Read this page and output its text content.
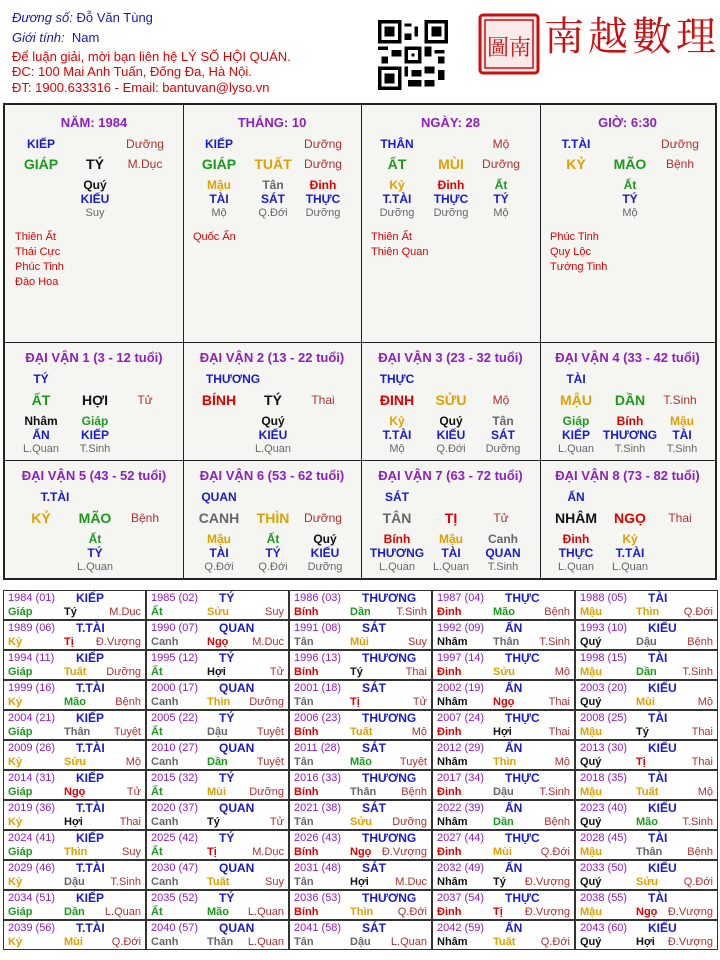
Đương số: Đỗ Văn Tùng
Giới tính: Nam
Để luận giải, mời bạn liên hệ LÝ SỐ HỘI QUÁN.
ĐC: 100 Mai Anh Tuấn, Đống Đa, Hà Nội.
ĐT: 1900.633316 - Email: bantuvan@lyso.vn
圖南 南越數理
NĂM: 1984
KIẾP	Dưỡng
GIÁP TÝ M.Dục
Quý
KIẾU
Suy
Thiên Ất
Thái Cực
Phúc Tinh
Đào Hoa
THÁNG: 10
KIẾP	Dưỡng
GIÁP TUẤT Dưỡng
Mậu	Tân Đinh
TÀI	SÁT THỰC
Mộ	Q.Đới Dưỡng
Quốc Ấn
NGÀY: 28
THÂN	Mộ
ẤT MÙI Dưỡng
Kỷ	Đinh	Ất
T.TÀI THỰC TÝ
Dưỡng Dưỡng Mộ
Thiên Ất
Thiên Quan
GIỜ: 6:30
T.TÀI	Dưỡng
KỶ MÃO Bệnh
Ất
TÝ
Mộ
Phúc Tinh
Quy Lộc
Tướng Tinh
ĐẠI VẬN 1 (3 - 12 tuổi)
TÝ
ẤT HỢI Tử
Nhâm Giáp
ẤN	KIẾP
L.Quan T.Sinh
ĐẠI VẬN 2 (13 - 22 tuổi)
THƯƠNG
BÍNH TÝ Thai
Quý
KIẾU
L.Quan
ĐẠI VẬN 3 (23 - 32 tuổi)
THỰC
ĐINH SỬU Mộ
Kỷ	Quý Tân
T.TÀI KIẾU SÁT
Mộ	Q.Đới Dưỡng
ĐẠI VẬN 4 (33 - 42 tuổi)
TÀI
MẬU DẦN T.Sinh
Giáp Bính Mậu
KIẾP THƯƠNG TÀI
L.Quan T.Sinh T.Sinh
ĐẠI VẬN 5 (43 - 52 tuổi)
T.TÀI
KỶ MÃO Bệnh
Ất
TÝ
L.Quan
ĐẠI VẬN 6 (53 - 62 tuổi)
QUAN
CANH THÌN Dưỡng
Mậu	Ất	Quý
TÀI	TÝ KIẾU
Q.Đới Q.Đới Dưỡng
ĐẠI VẬN 7 (63 - 72 tuổi)
SÁT
TÂN TỊ	Tử
Bính Mậu Canh
THƯƠNG TÀI QUAN
L.Quan L.Quan T.Sinh
ĐẠI VẬN 8 (73 - 82 tuổi)
ẤN
NHÂM NGỌ Thai
Đinh	Kỷ
THỰC T.TÀI
L.Quan L.Quan
1984 (01) KIẾP
Giáp	Tý	M.Dục
1985 (02) TÝ
Ất	Sửu	Suy
1986 (03) THƯƠNG
Bính	Dần T.Sinh
1987 (04) THỰC
Đinh	Mão	Bệnh
1988 (05) TÀI
Mậu	Thìn Q.Đới
1989 (06) T.TÀI
Kỷ	Tị Đ.Vượng
1990 (07) QUAN
Canh	Ngọ M.Dục
1991 (08) SÁT
Tân	Mùi	Suy
1992 (09) ẤN
Nhâm Thân T.Sinh
1993 (10) KIẾU
Quý	Dậu	Bệnh
1994 (11) KIẾP
Giáp	Tuất Dưỡng
1995 (12) TÝ
Ất	Hợi	Tử
1996 (13) THƯƠNG
Bính	Tý	Thai
1997 (14) THỰC
Đinh	Sửu	Mộ
1998 (15) TÀI
Mậu	Dần T.Sinh
1999 (16) T.TÀI
Kỷ	Mão	Bệnh
2000 (17) QUAN
Canh	Thìn Dưỡng
2001 (18) SÁT
Tân	Tị	Tử
2002 (19) ẤN
Nhâm Ngọ	Thai
2003 (20) KIẾU
Quý	Mùi	Mộ
2004 (21) KIẾP
Giáp	Thân Tuyệt
2005 (22) TÝ
Ất	Dậu	Tuyệt
2006 (23) THƯƠNG
Bính	Tuất	Mộ
2007 (24) THỰC
Đinh	Hợi	Thai
2008 (25) TÀI
Mậu	Tý	Thai
2009 (26) T.TÀI
Kỷ	Sửu	Mộ
2010 (27) QUAN
Canh	Dần	Tuyệt
2011 (28) SÁT
Tân	Mão	Tuyệt
2012 (29) ẤN
Nhâm Thìn	Mộ
2013 (30) KIẾU
Quý	Tị	Thai
2014 (31) KIẾP
Giáp	Ngọ	Tử
2015 (32) TÝ
Ất	Mùi Dưỡng
2016 (33) THƯƠNG
Bính	Thân Bệnh
2017 (34) THỰC
Đinh	Dậu T.Sinh
2018 (35) TÀI
Mậu	Tuất	Mộ
2019 (36) T.TÀI
Kỷ	Hợi	Thai
2020 (37) QUAN
Canh	Tý	Tử
2021 (38) SÁT
Tân	Sửu Dưỡng
2022 (39) ẤN
Nhâm Dần	Bệnh
2023 (40) KIẾU
Quý	Mão T.Sinh
2024 (41) KIẾP
Giáp	Thìn	Suy
2025 (42) TÝ
Ất	Tị	M.Dục
2026 (43) THƯƠNG
Bính	Ngọ Đ.Vượng
2027 (44) THỰC
Đinh	Mùi	Q.Đới
2028 (45) TÀI
Mậu	Thân Bệnh
2029 (46) T.TÀI
Kỷ	Dậu T.Sinh
2030 (47) QUAN
Canh	Tuất	Suy
2031 (48) SÁT
Tân	Hợi M.Dục
2032 (49) ẤN
Nhâm Tý Đ.Vượng
2033 (50) KIẾU
Quý	Sửu Q.Đới
2034 (51) KIẾP
Giáp	Dần L.Quan
2035 (52) TÝ
Ất	Mão L.Quan
2036 (53) THƯƠNG
Bính	Thìn Q.Đới
2037 (54) THỰC
Đinh	Tị Đ.Vượng
2038 (55) TÀI
Mậu	Ngọ Đ.Vượng
2039 (56) T.TÀI
Kỷ	Mùi	Q.Đới
2040 (57) QUAN
Canh	Thân L.Quan
2041 (58) SÁT
Tân	Dậu L.Quan
2042 (59) ẤN
Nhâm Tuất Q.Đới
2043 (60) KIẾU
Quý	Hợi Đ.Vượng
